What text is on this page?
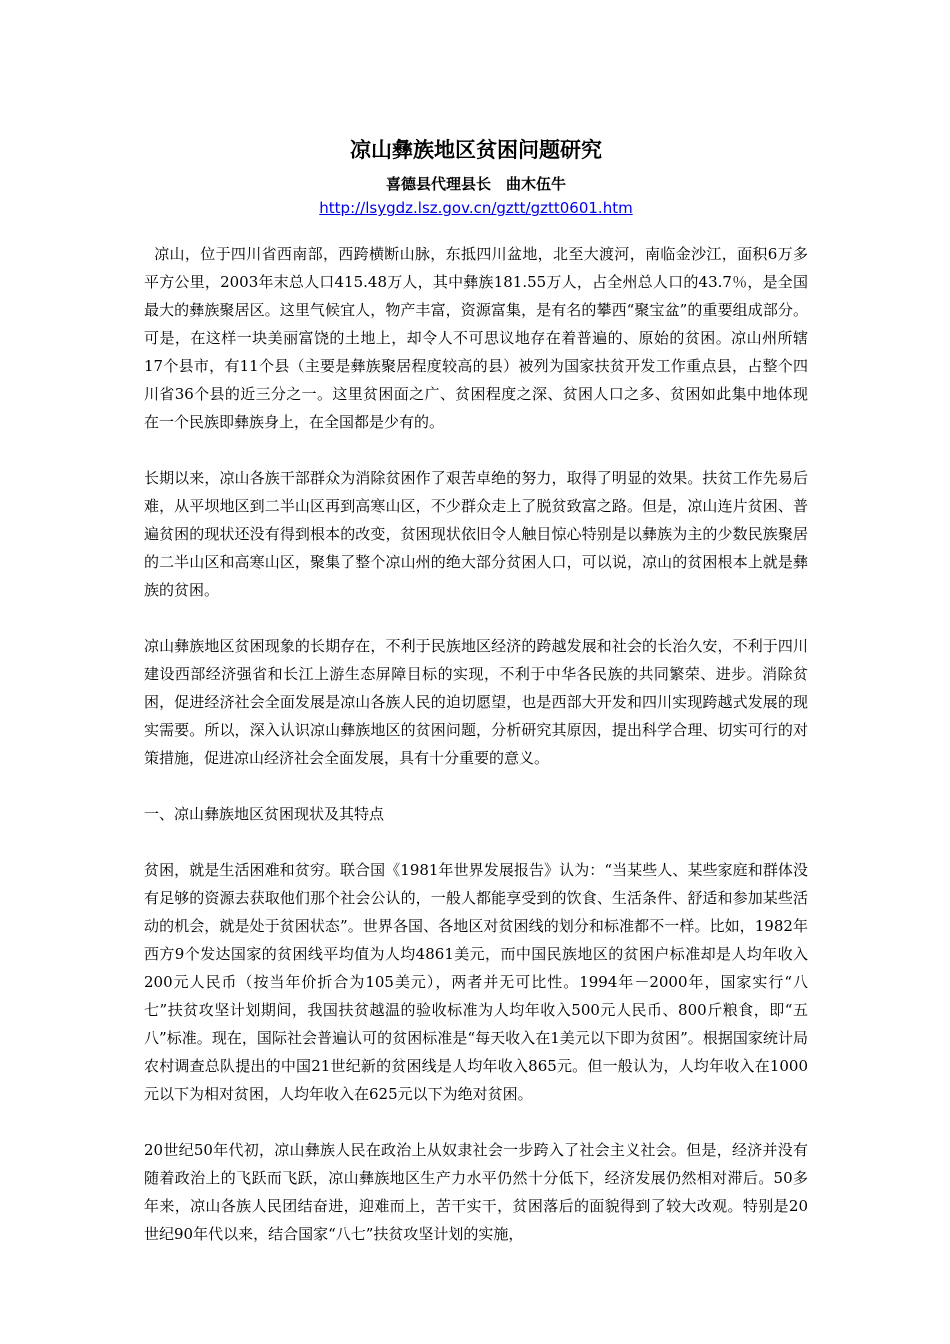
凉山彝族地区贫困问题研究
喜德县代理县长　曲木伍牛
http://lsygdz.lsz.gov.cn/gztt/gztt0601.htm

凉山，位于四川省西南部，西跨横断山脉，东抵四川盆地，北至大渡河，南临金沙江，面积6万多平方公里，2003年末总人口415.48万人，其中彝族181.55万人，占全州总人口的43.7％，是全国最大的彝族聚居区。这里气候宜人，物产丰富，资源富集，是有名的攀西“聚宝盆”的重要组成部分。可是，在这样一块美丽富饶的土地上，却令人不可思议地存在着普遍的、原始的贫困。凉山州所辖17个县市，有11个县（主要是彝族聚居程度较高的县）被列为国家扶贫开发工作重点县，占整个四川省36个县的近三分之一。这里贫困面之广、贫困程度之深、贫困人口之多、贫困如此集中地体现在一个民族即彝族身上，在全国都是少有的。

长期以来，凉山各族干部群众为消除贫困作了艰苦卓绝的努力，取得了明显的效果。扶贫工作先易后难，从平坝地区到二半山区再到高寒山区，不少群众走上了脱贫致富之路。但是，凉山连片贫困、普遍贫困的现状还没有得到根本的改变，贫困现状依旧令人触目惊心特别是以彝族为主的少数民族聚居的二半山区和高寒山区，聚集了整个凉山州的绝大部分贫困人口，可以说，凉山的贫困根本上就是彝族的贫困。

凉山彝族地区贫困现象的长期存在，不利于民族地区经济的跨越发展和社会的长治久安，不利于四川建设西部经济强省和长江上游生态屏障目标的实现，不利于中华各民族的共同繁荣、进步。消除贫困，促进经济社会全面发展是凉山各族人民的迫切愿望，也是西部大开发和四川实现跨越式发展的现实需要。所以，深入认识凉山彝族地区的贫困问题，分析研究其原因，提出科学合理、切实可行的对策措施，促进凉山经济社会全面发展，具有十分重要的意义。

一、凉山彝族地区贫困现状及其特点

贫困，就是生活困难和贫穷。联合国《1981年世界发展报告》认为：“当某些人、某些家庭和群体没有足够的资源去获取他们那个社会公认的，一般人都能享受到的饮食、生活条件、舒适和参加某些活动的机会，就是处于贫困状态”。世界各国、各地区对贫困线的划分和标准都不一样。比如，1982年西方9个发达国家的贫困线平均值为人均4861美元，而中国民族地区的贫困户标准却是人均年收入200元人民币（按当年价折合为105美元），两者并无可比性。1994年－2000年，国家实行“八七”扶贫攻坚计划期间，我国扶贫越温的验收标准为人均年收入500元人民币、800斤粮食，即“五八”标准。现在，国际社会普遍认可的贫困标准是“每天收入在1美元以下即为贫困”。根据国家统计局农村调查总队提出的中国21世纪新的贫困线是人均年收入865元。但一般认为，人均年收入在1000元以下为相对贫困，人均年收入在625元以下为绝对贫困。

20世纪50年代初，凉山彝族人民在政治上从奴隶社会一步跨入了社会主义社会。但是，经济并没有随着政治上的飞跃而飞跃，凉山彝族地区生产力水平仍然十分低下，经济发展仍然相对滞后。50多年来，凉山各族人民团结奋进，迎难而上，苦干实干，贫困落后的面貌得到了较大改观。特别是20世纪90年代以来，结合国家“八七”扶贫攻坚计划的实施，
